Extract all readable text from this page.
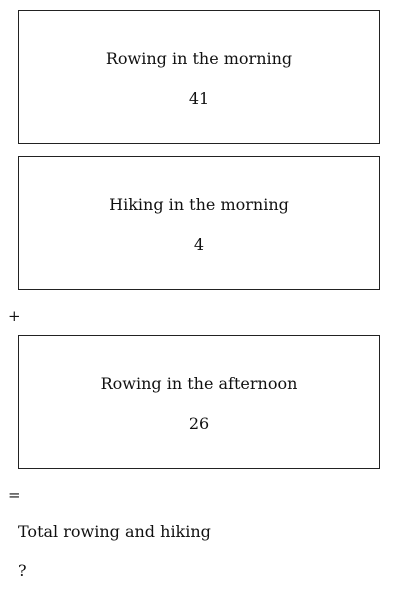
Rowing in the morning
41
Hiking in the morning
4
+
Rowing in the afternoon
26
=
Total rowing and hiking
?
